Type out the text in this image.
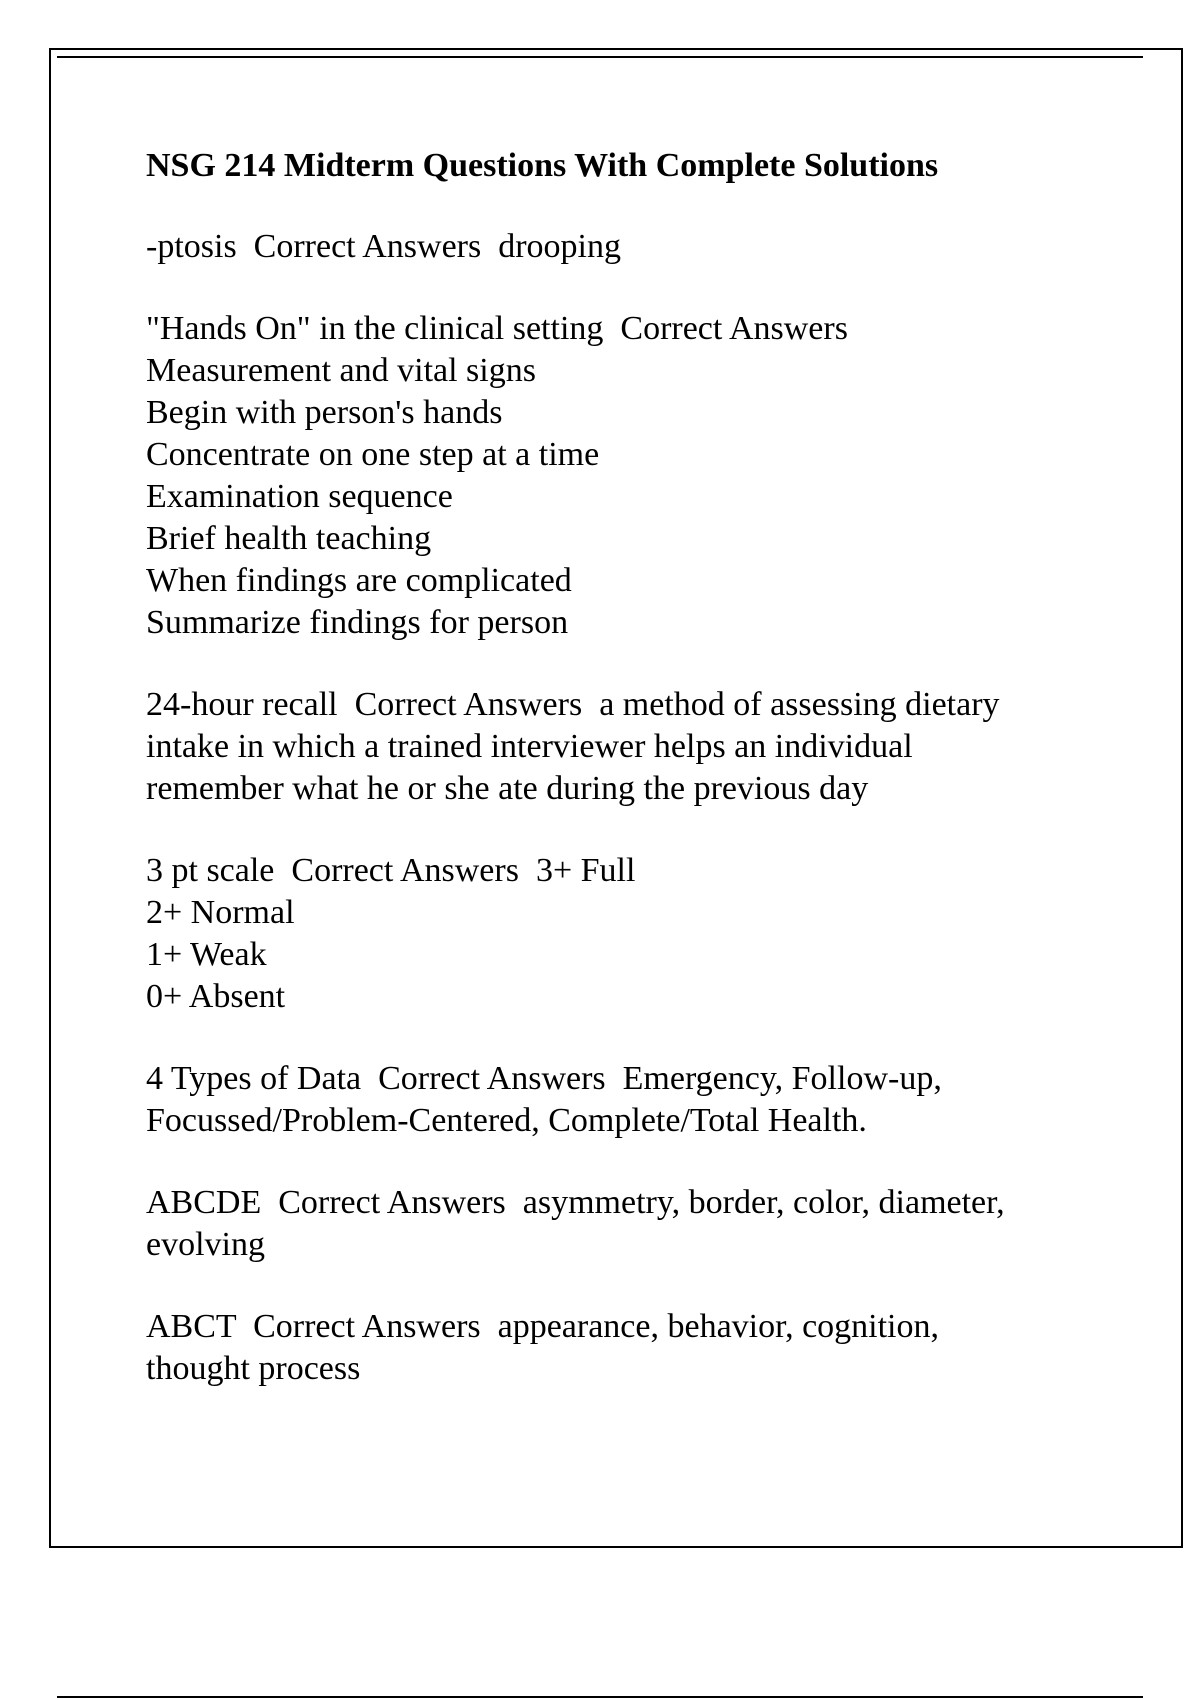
NSG 214 Midterm Questions With Complete Solutions
-ptosis  Correct Answers  drooping
"Hands On" in the clinical setting  Correct Answers
Measurement and vital signs
Begin with person's hands
Concentrate on one step at a time
Examination sequence
Brief health teaching
When findings are complicated
Summarize findings for person
24-hour recall  Correct Answers  a method of assessing dietary
intake in which a trained interviewer helps an individual
remember what he or she ate during the previous day
3 pt scale  Correct Answers  3+ Full
2+ Normal
1+ Weak
0+ Absent
4 Types of Data  Correct Answers  Emergency, Follow-up,
Focussed/Problem-Centered, Complete/Total Health.
ABCDE  Correct Answers  asymmetry, border, color, diameter,
evolving
ABCT  Correct Answers  appearance, behavior, cognition,
thought process
